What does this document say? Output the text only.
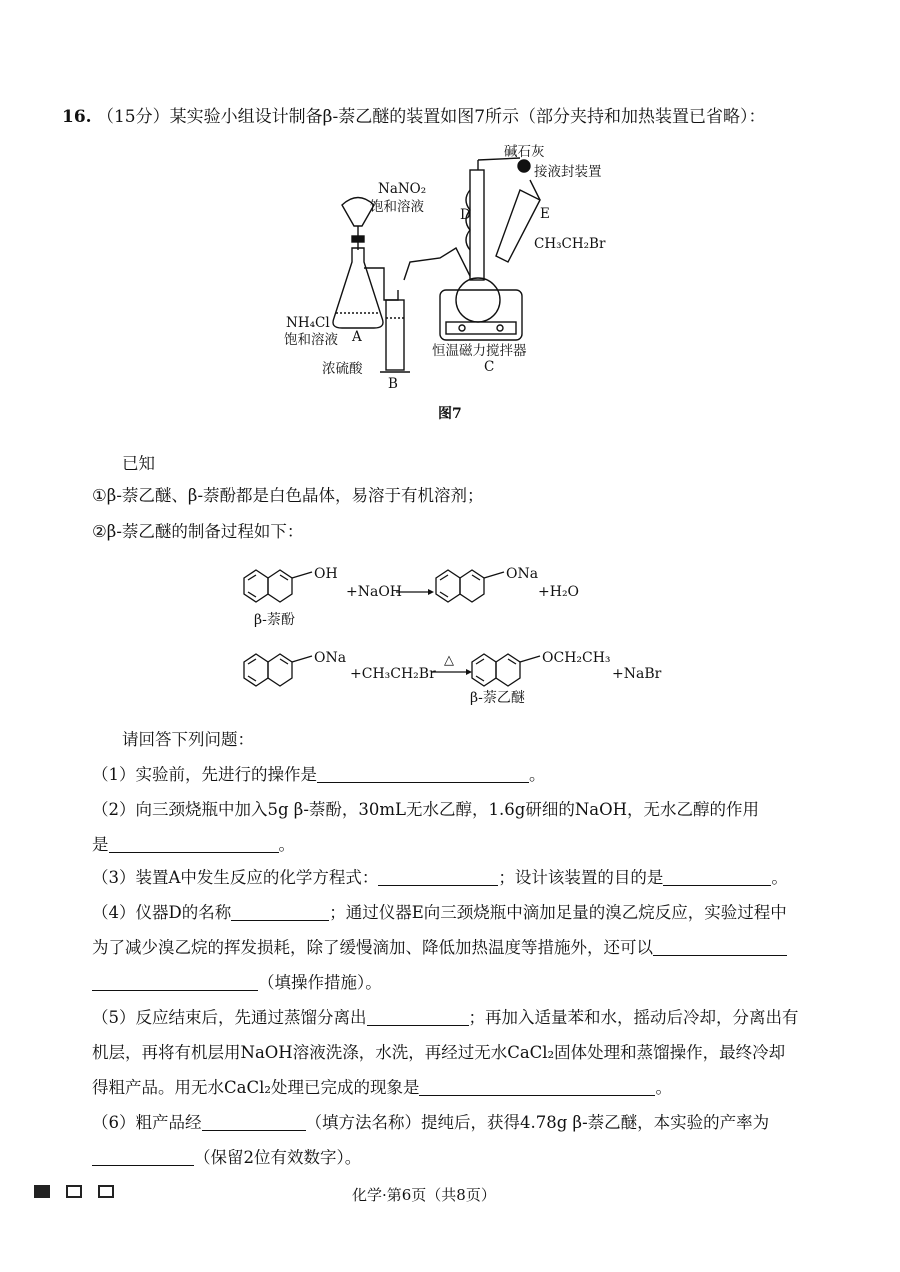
16. （15分）某实验小组设计制备β-萘乙醚的装置如图7所示（部分夹持和加热装置已省略）：
NaNO₂
饱和溶液
NH₄Cl
饱和溶液 A
浓硫酸
B
碱石灰
接液封装置
D	E
CH₃CH₂Br
恒温磁力搅拌器
C
图7
已知
①β-萘乙醚、β-萘酚都是白色晶体，易溶于有机溶剂；
②β-萘乙醚的制备过程如下：
OH
+NaOH
ONa
+H₂O
β-萘酚
ONa
+CH₃CH₂Br
△	OCH₂CH₃
+NaBr
β-萘乙醚
请回答下列问题：
（1）实验前，先进行的操作是	。
（2）向三颈烧瓶中加入5g β-萘酚，30mL无水乙醇，1.6g研细的NaOH，无水乙醇的作用
是	。
（3）装置A中发生反应的化学方程式：	；设计该装置的目的是	。
（4）仪器D的名称	；通过仪器E向三颈烧瓶中滴加足量的溴乙烷反应，实验过程中
为了减少溴乙烷的挥发损耗，除了缓慢滴加、降低加热温度等措施外，还可以
（填操作措施）。
（5）反应结束后，先通过蒸馏分离出	；再加入适量苯和水，摇动后冷却，分离出有
机层，再将有机层用NaOH溶液洗涤，水洗，再经过无水CaCl₂固体处理和蒸馏操作，最终冷却
得粗产品。用无水CaCl₂处理已完成的现象是	。
（6）粗产品经	（填方法名称）提纯后，获得4.78g β-萘乙醚，本实验的产率为
（保留2位有效数字）。
化学·第6页（共8页）
